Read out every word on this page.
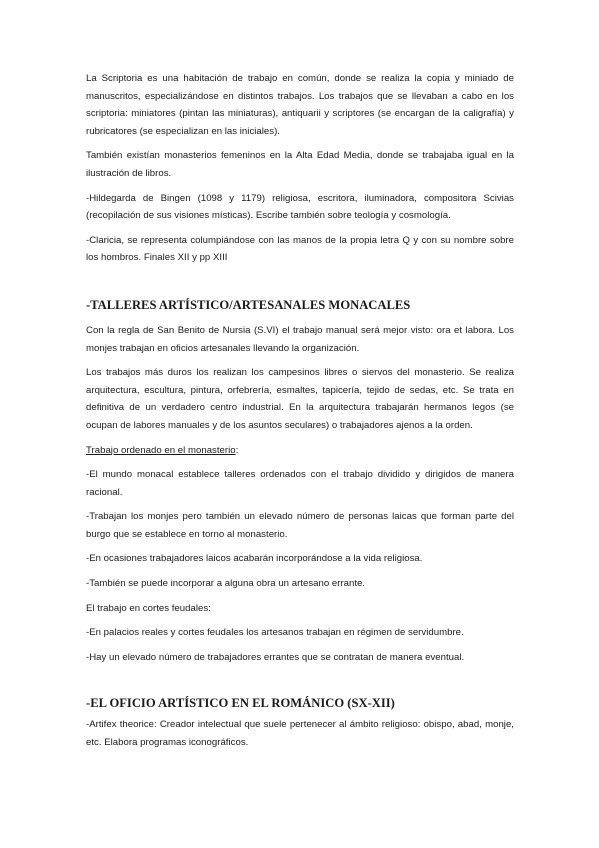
La Scriptoria es una habitación de trabajo en común, donde se realiza la copia y miniado de manuscritos, especializándose en distintos trabajos. Los trabajos que se llevaban a cabo en los scriptoria: miniatores (pintan las miniaturas), antiquarii y scriptores (se encargan de la caligrafía) y rubricatores (se especializan en las iniciales).

También existían monasterios femeninos en la Alta Edad Media, donde se trabajaba igual en la ilustración de libros.

-Hildegarda de Bingen (1098 y 1179) religiosa, escritora, iluminadora, compositora Scivias (recopilación de sus visiones místicas). Escribe también sobre teología y cosmología.

-Claricia, se representa columpiándose con las manos de la propia letra Q y con su nombre sobre los hombros. Finales XII y pp XIII

-TALLERES ARTÍSTICO/ARTESANALES MONACALES

Con la regla de San Benito de Nursia (S.VI) el trabajo manual será mejor visto: ora et labora. Los monjes trabajan en oficios artesanales llevando la organización.

Los trabajos más duros los realizan los campesinos libres o siervos del monasterio. Se realiza arquitectura, escultura, pintura, orfebrería, esmaltes, tapicería, tejido de sedas, etc. Se trata en definitiva de un verdadero centro industrial. En la arquitectura trabajarán hermanos legos (se ocupan de labores manuales y de los asuntos seculares) o trabajadores ajenos a la orden.

Trabajo ordenado en el monasterio:

-El mundo monacal establece talleres ordenados con el trabajo dividido y dirigidos de manera racional.

-Trabajan los monjes pero también un elevado número de personas laicas que forman parte del burgo que se establece en torno al monasterio.

-En ocasiones trabajadores laicos acabarán incorporándose a la vida religiosa.

-También se puede incorporar a alguna obra un artesano errante.

El trabajo en cortes feudales:

-En palacios reales y cortes feudales los artesanos trabajan en régimen de servidumbre.

-Hay un elevado número de trabajadores errantes que se contratan de manera eventual.

-EL OFICIO ARTÍSTICO EN EL ROMÁNICO (SX-XII)

-Artifex theorice: Creador intelectual que suele pertenecer al ámbito religioso: obispo, abad, monje, etc. Elabora programas iconográficos.
